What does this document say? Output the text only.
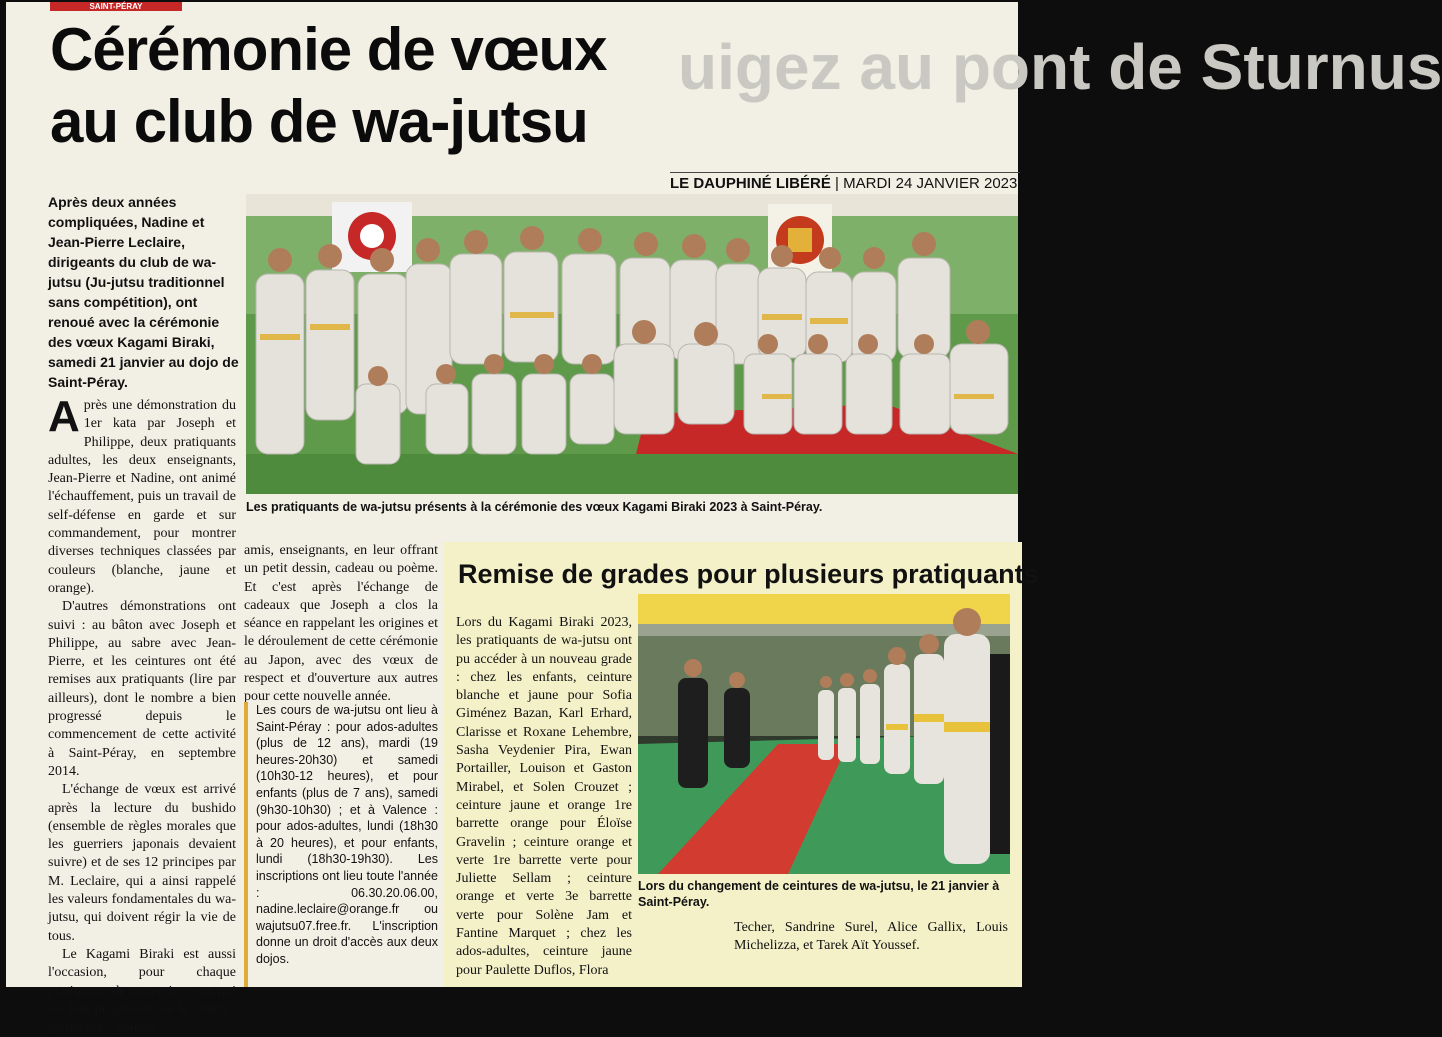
SAINT-PÉRAY
Cérémonie de vœux
au club de wa-jutsu
uigez au pont de Sturnus
LE DAUPHINÉ LIBÉRÉ | MARDI 24 JANVIER 2023

Après deux années compliquées, Nadine et Jean-Pierre Leclaire, dirigeants du club de wa-jutsu (Ju-jutsu traditionnel sans compétition), ont renoué avec la cérémonie des vœux Kagami Biraki, samedi 21 janvier au dojo de Saint-Péray.

Après une démonstration du 1er kata par Joseph et Philippe, deux pratiquants adultes, les deux enseignants, Jean-Pierre et Nadine, ont animé l'échauffement, puis un travail de self-défense en garde et sur commandement, pour montrer diverses techniques classées par couleurs (blanche, jaune et orange).

D'autres démonstrations ont suivi : au bâton avec Joseph et Philippe, au sabre avec Jean-Pierre, et les ceintures ont été remises aux pratiquants (lire par ailleurs), dont le nombre a bien progressé depuis le commencement de cette activité à Saint-Péray, en septembre 2014.

L'échange de vœux est arrivé après la lecture du bushido (ensemble de règles morales que les guerriers japonais devaient suivre) et de ses 12 principes par M. Leclaire, qui a ainsi rappelé les valeurs fondamentales du wa-jutsu, qui doivent régir la vie de tous.

Le Kagami Biraki est aussi l'occasion, pour chaque pratiquant, de remercier ceux qui les font progresser sur le tatami : partenaires, parents,

amis, enseignants, en leur offrant un petit dessin, cadeau ou poème. Et c'est après l'échange de cadeaux que Joseph a clos la séance en rappelant les origines et le déroulement de cette cérémonie au Japon, avec des vœux de respect et d'ouverture aux autres pour cette nouvelle année.

Les cours de wa-jutsu ont lieu à Saint-Péray : pour ados-adultes (plus de 12 ans), mardi (19 heures-20h30) et samedi (10h30-12 heures), et pour enfants (plus de 7 ans), samedi (9h30-10h30) ; et à Valence : pour ados-adultes, lundi (18h30 à 20 heures), et pour enfants, lundi (18h30-19h30). Les inscriptions ont lieu toute l'année : 06.30.20.06.00, nadine.leclaire@orange.fr ou wajutsu07.free.fr. L'inscription donne un droit d'accès aux deux dojos.

Les pratiquants de wa-jutsu présents à la cérémonie des vœux Kagami Biraki 2023 à Saint-Péray.

Remise de grades pour plusieurs pratiquants

Lors du Kagami Biraki 2023, les pratiquants de wa-jutsu ont pu accéder à un nouveau grade : chez les enfants, ceinture blanche et jaune pour Sofia Giménez Bazan, Karl Erhard, Clarisse et Roxane Lehembre, Sasha Veydenier Pira, Ewan Portailler, Louison et Gaston Mirabel, et Solen Crouzet ; ceinture jaune et orange 1re barrette orange pour Éloïse Gravelin ; ceinture orange et verte 1re barrette verte pour Juliette Sellam ; ceinture orange et verte 3e barrette verte pour Solène Jam et Fantine Marquet ; chez les ados-adultes, ceinture jaune pour Paulette Duflos, Flora

Lors du changement de ceintures de wa-jutsu, le 21 janvier à Saint-Péray.

Techer, Sandrine Surel, Alice Gallix, Louis Michelizza, et Tarek Aït Youssef.
